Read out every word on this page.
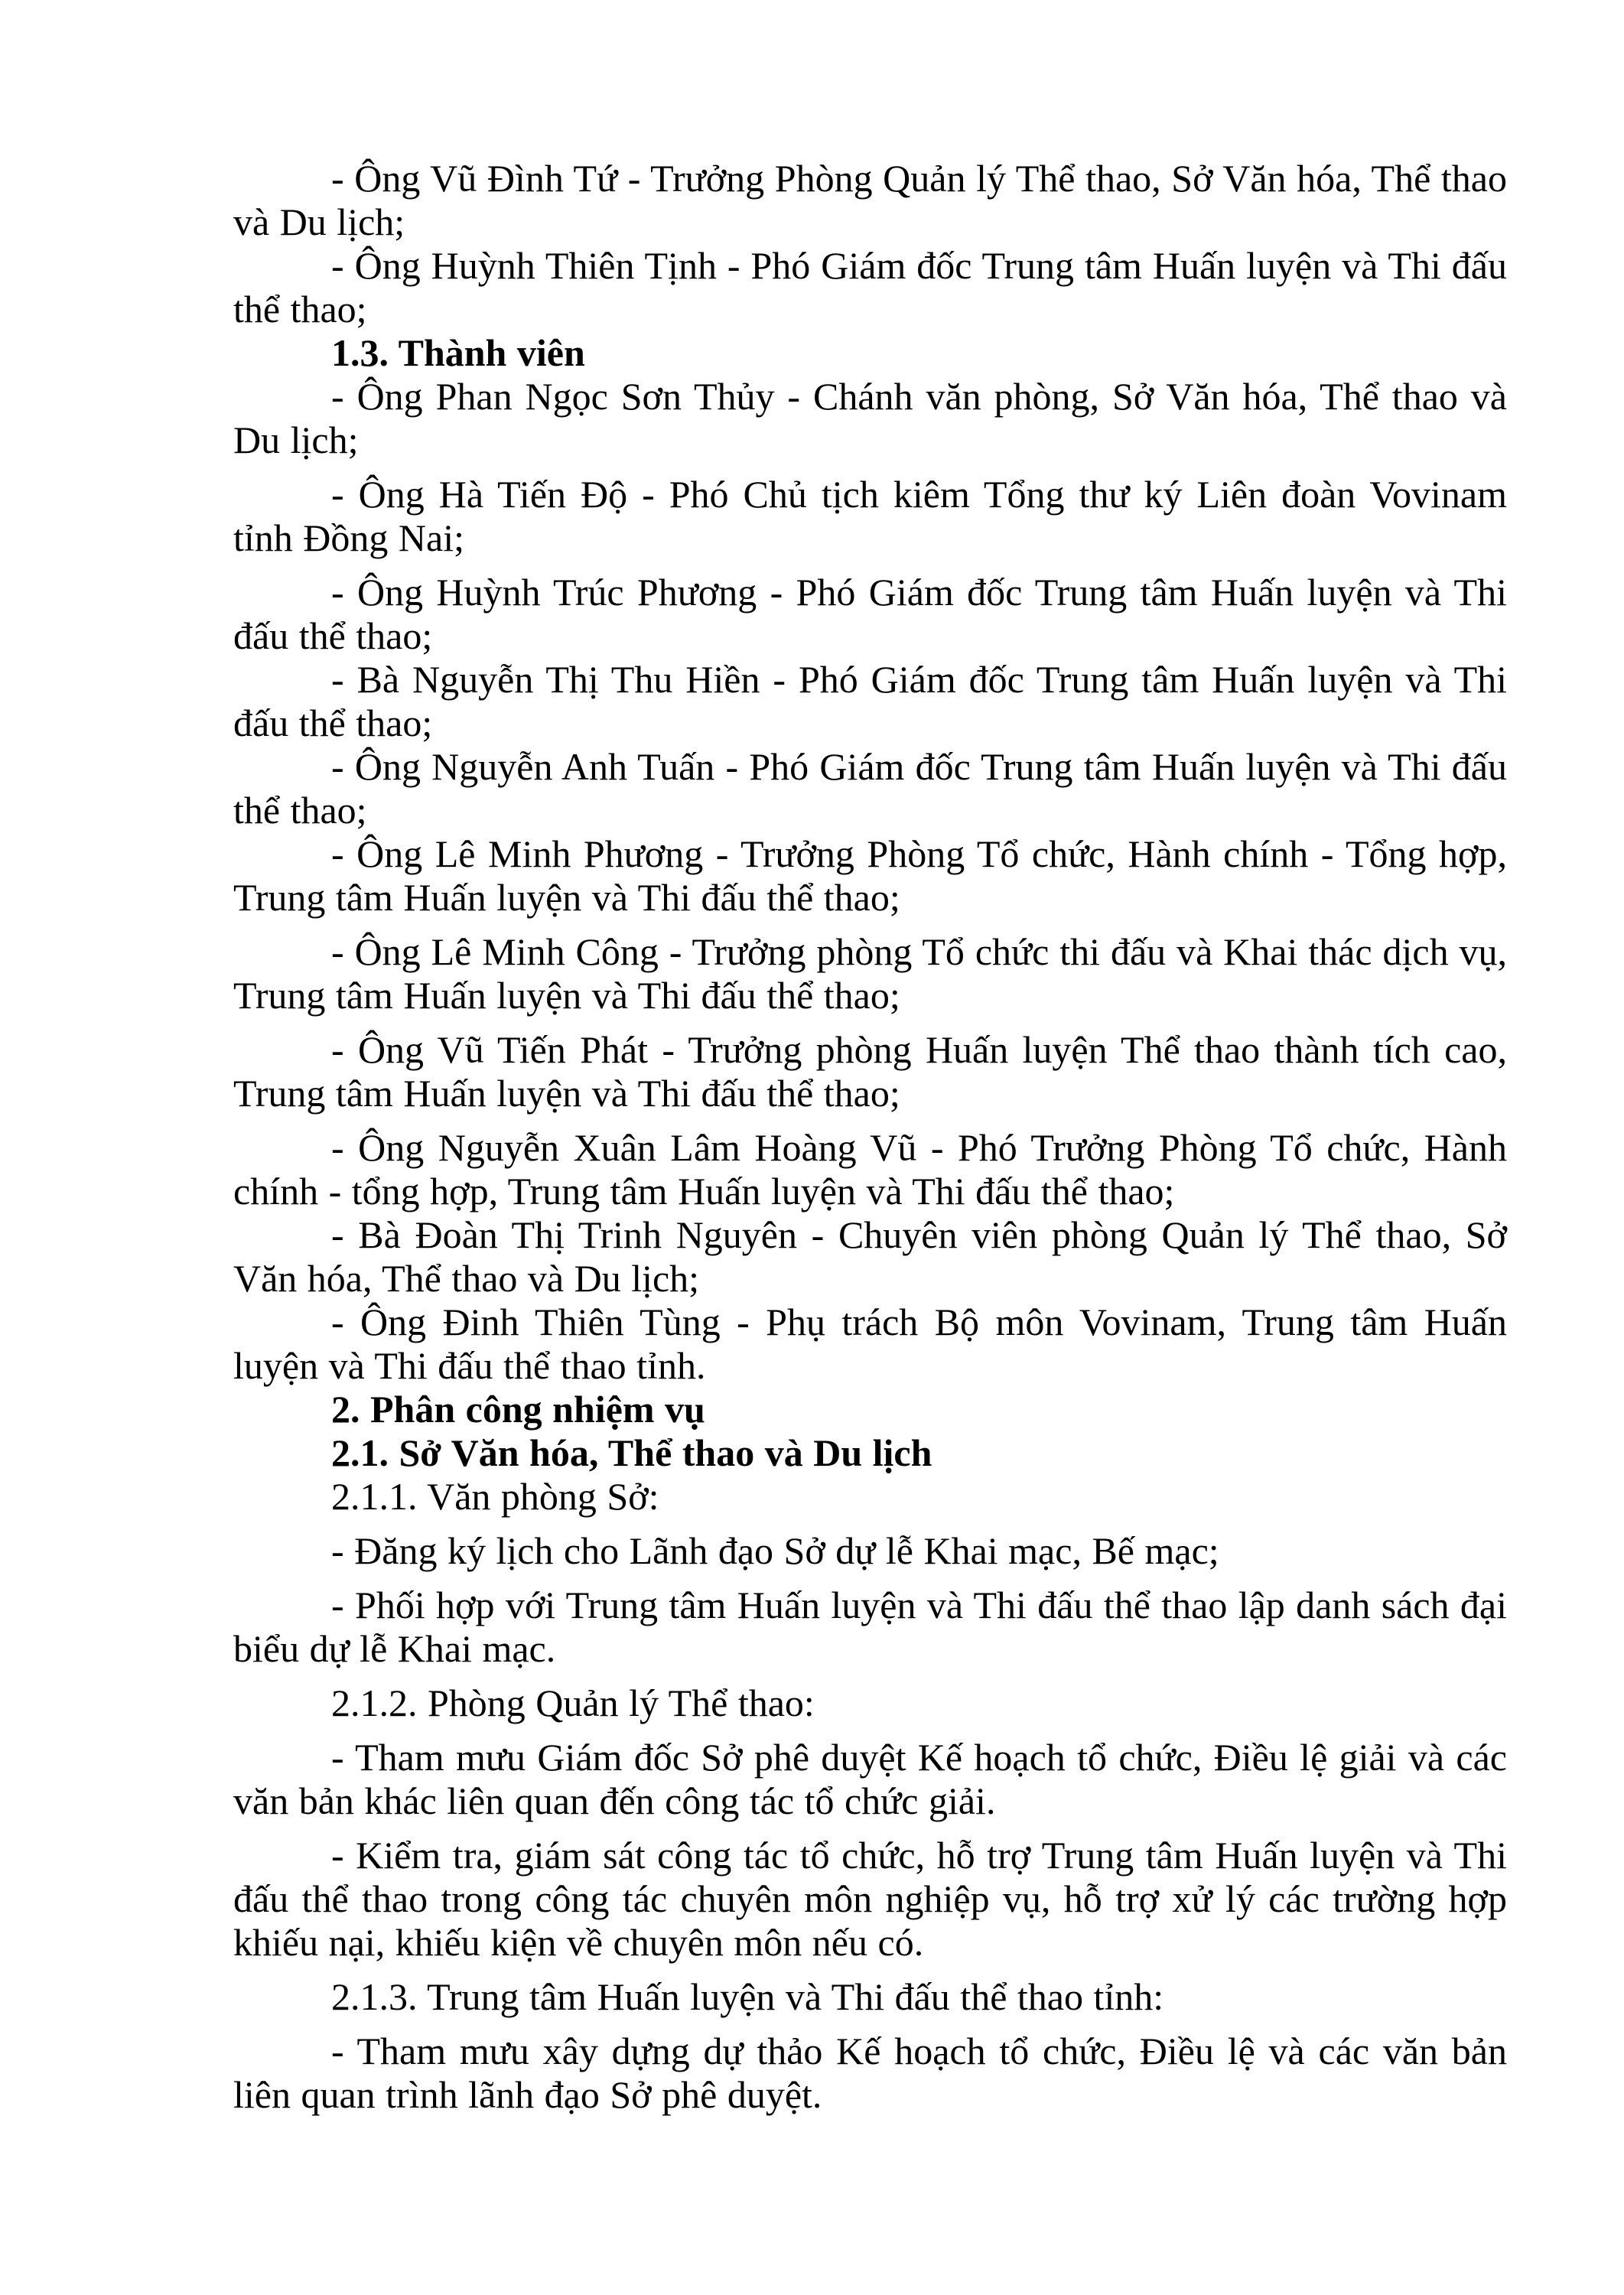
- Ông Vũ Đình Tứ - Trưởng Phòng Quản lý Thể thao, Sở Văn hóa, Thể thao và Du lịch;

- Ông Huỳnh Thiên Tịnh - Phó Giám đốc Trung tâm Huấn luyện và Thi đấu thể thao;

1.3. Thành viên

- Ông Phan Ngọc Sơn Thủy - Chánh văn phòng, Sở Văn hóa, Thể thao và Du lịch;

- Ông Hà Tiến Độ - Phó Chủ tịch kiêm Tổng thư ký Liên đoàn Vovinam tỉnh Đồng Nai;

- Ông Huỳnh Trúc Phương - Phó Giám đốc Trung tâm Huấn luyện và Thi đấu thể thao;

- Bà Nguyễn Thị Thu Hiền - Phó Giám đốc Trung tâm Huấn luyện và Thi đấu thể thao;

- Ông Nguyễn Anh Tuấn - Phó Giám đốc Trung tâm Huấn luyện và Thi đấu thể thao;

- Ông Lê Minh Phương - Trưởng Phòng Tổ chức, Hành chính - Tổng hợp, Trung tâm Huấn luyện và Thi đấu thể thao;

- Ông Lê Minh Công - Trưởng phòng Tổ chức thi đấu và Khai thác dịch vụ, Trung tâm Huấn luyện và Thi đấu thể thao;

- Ông Vũ Tiến Phát - Trưởng phòng Huấn luyện Thể thao thành tích cao, Trung tâm Huấn luyện và Thi đấu thể thao;

- Ông Nguyễn Xuân Lâm Hoàng Vũ - Phó Trưởng Phòng Tổ chức, Hành chính - tổng hợp, Trung tâm Huấn luyện và Thi đấu thể thao;

- Bà Đoàn Thị Trinh Nguyên - Chuyên viên phòng Quản lý Thể thao, Sở Văn hóa, Thể thao và Du lịch;

- Ông Đinh Thiên Tùng - Phụ trách Bộ môn Vovinam, Trung tâm Huấn luyện và Thi đấu thể thao tỉnh.

2. Phân công nhiệm vụ

2.1. Sở Văn hóa, Thể thao và Du lịch

2.1.1. Văn phòng Sở:

- Đăng ký lịch cho Lãnh đạo Sở dự lễ Khai mạc, Bế mạc;

- Phối hợp với Trung tâm Huấn luyện và Thi đấu thể thao lập danh sách đại biểu dự lễ Khai mạc.

2.1.2. Phòng Quản lý Thể thao:

- Tham mưu Giám đốc Sở phê duyệt Kế hoạch tổ chức, Điều lệ giải và các văn bản khác liên quan đến công tác tổ chức giải.

- Kiểm tra, giám sát công tác tổ chức, hỗ trợ Trung tâm Huấn luyện và Thi đấu thể thao trong công tác chuyên môn nghiệp vụ, hỗ trợ xử lý các trường hợp khiếu nại, khiếu kiện về chuyên môn nếu có.

2.1.3. Trung tâm Huấn luyện và Thi đấu thể thao tỉnh:

- Tham mưu xây dựng dự thảo Kế hoạch tổ chức, Điều lệ và các văn bản liên quan trình lãnh đạo Sở phê duyệt.
